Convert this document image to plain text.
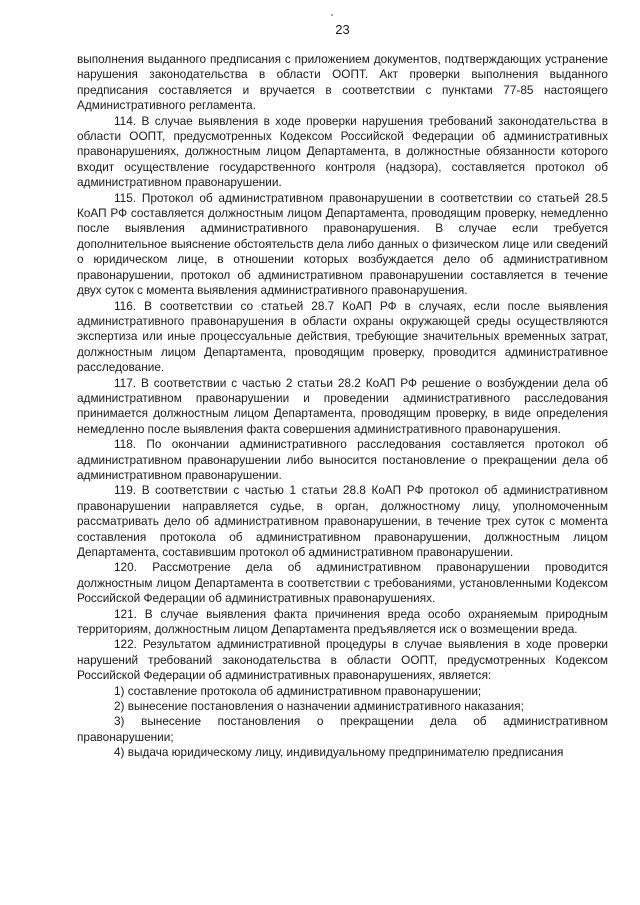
23

выполнения выданного предписания с приложением документов, подтверждающих устранение нарушения законодательства в области ООПТ. Акт проверки выполнения выданного предписания составляется и вручается в соответствии с пунктами 77-85 настоящего Административного регламента.

114. В случае выявления в ходе проверки нарушения требований законодательства в области ООПТ, предусмотренных Кодексом Российской Федерации об административных правонарушениях, должностным лицом Департамента, в должностные обязанности которого входит осуществление государственного контроля (надзора), составляется протокол об административном правонарушении.

115. Протокол об административном правонарушении в соответствии со статьей 28.5 КоАП РФ составляется должностным лицом Департамента, проводящим проверку, немедленно после выявления административного правонарушения. В случае если требуется дополнительное выяснение обстоятельств дела либо данных о физическом лице или сведений о юридическом лице, в отношении которых возбуждается дело об административном правонарушении, протокол об административном правонарушении составляется в течение двух суток с момента выявления административного правонарушения.

116. В соответствии со статьей 28.7 КоАП РФ в случаях, если после выявления административного правонарушения в области охраны окружающей среды осуществляются экспертиза или иные процессуальные действия, требующие значительных временных затрат, должностным лицом Департамента, проводящим проверку, проводится административное расследование.

117. В соответствии с частью 2 статьи 28.2 КоАП РФ решение о возбуждении дела об административном правонарушении и проведении административного расследования принимается должностным лицом Департамента, проводящим проверку, в виде определения немедленно после выявления факта совершения административного правонарушения.

118. По окончании административного расследования составляется протокол об административном правонарушении либо выносится постановление о прекращении дела об административном правонарушении.

119. В соответствии с частью 1 статьи 28.8 КоАП РФ протокол об административном правонарушении направляется судье, в орган, должностному лицу, уполномоченным рассматривать дело об административном правонарушении, в течение трех суток с момента составления протокола об административном правонарушении, должностным лицом Департамента, составившим протокол об административном правонарушении.

120. Рассмотрение дела об административном правонарушении проводится должностным лицом Департамента в соответствии с требованиями, установленными Кодексом Российской Федерации об административных правонарушениях.

121. В случае выявления факта причинения вреда особо охраняемым природным территориям, должностным лицом Департамента предъявляется иск о возмещении вреда.

122. Результатом административной процедуры в случае выявления в ходе проверки нарушений требований законодательства в области ООПТ, предусмотренных Кодексом Российской Федерации об административных правонарушениях, является:

1) составление протокола об административном правонарушении;

2) вынесение постановления о назначении административного наказания;

3) вынесение постановления о прекращении дела об административном правонарушении;

4) выдача юридическому лицу, индивидуальному предпринимателю предписания
